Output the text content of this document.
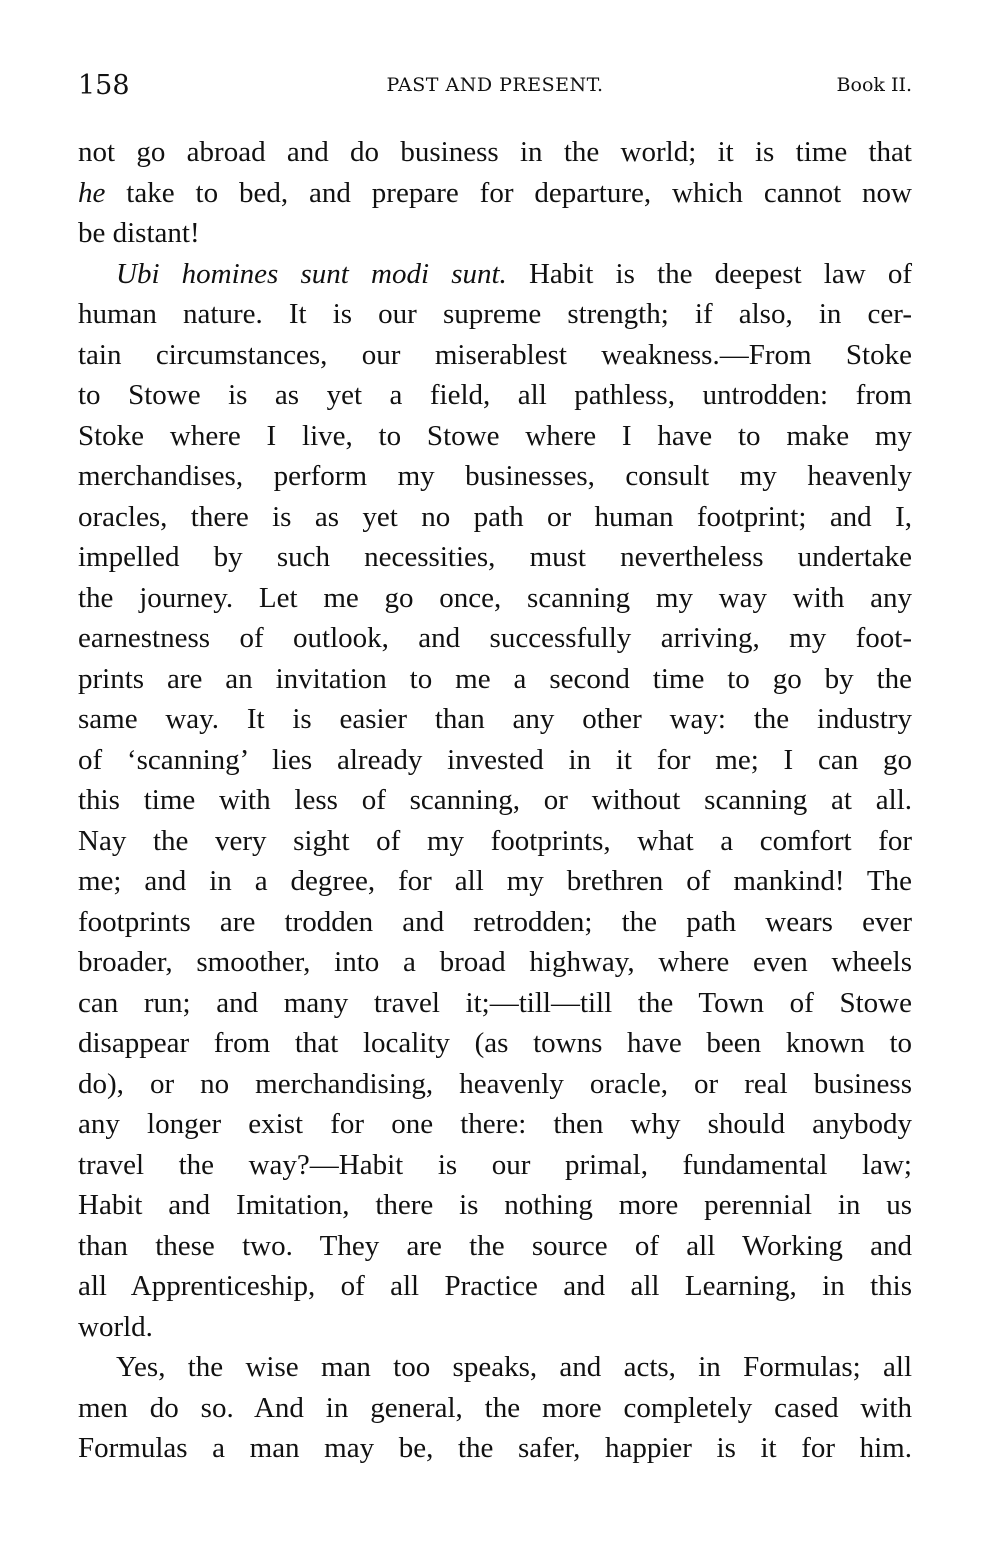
158	PAST AND PRESENT.	Book II.
not go abroad and do business in the world; it is time that
he take to bed, and prepare for departure, which cannot now
be distant!
Ubi homines sunt modi sunt. Habit is the deepest law of
human nature. It is our supreme strength; if also, in cer-
tain circumstances, our miserablest weakness.—From Stoke
to Stowe is as yet a field, all pathless, untrodden: from
Stoke where I live, to Stowe where I have to make my
merchandises, perform my businesses, consult my heavenly
oracles, there is as yet no path or human footprint; and I,
impelled by such necessities, must nevertheless undertake
the journey. Let me go once, scanning my way with any
earnestness of outlook, and successfully arriving, my foot-
prints are an invitation to me a second time to go by the
same way. It is easier than any other way: the industry
of ‘scanning’ lies already invested in it for me; I can go
this time with less of scanning, or without scanning at all.
Nay the very sight of my footprints, what a comfort for
me; and in a degree, for all my brethren of mankind! The
footprints are trodden and retrodden; the path wears ever
broader, smoother, into a broad highway, where even wheels
can run; and many travel it;—till—till the Town of Stowe
disappear from that locality (as towns have been known to
do), or no merchandising, heavenly oracle, or real business
any longer exist for one there: then why should anybody
travel the way?—Habit is our primal, fundamental law;
Habit and Imitation, there is nothing more perennial in us
than these two. They are the source of all Working and
all Apprenticeship, of all Practice and all Learning, in this
world.
Yes, the wise man too speaks, and acts, in Formulas; all
men do so. And in general, the more completely cased with
Formulas a man may be, the safer, happier is it for him.
